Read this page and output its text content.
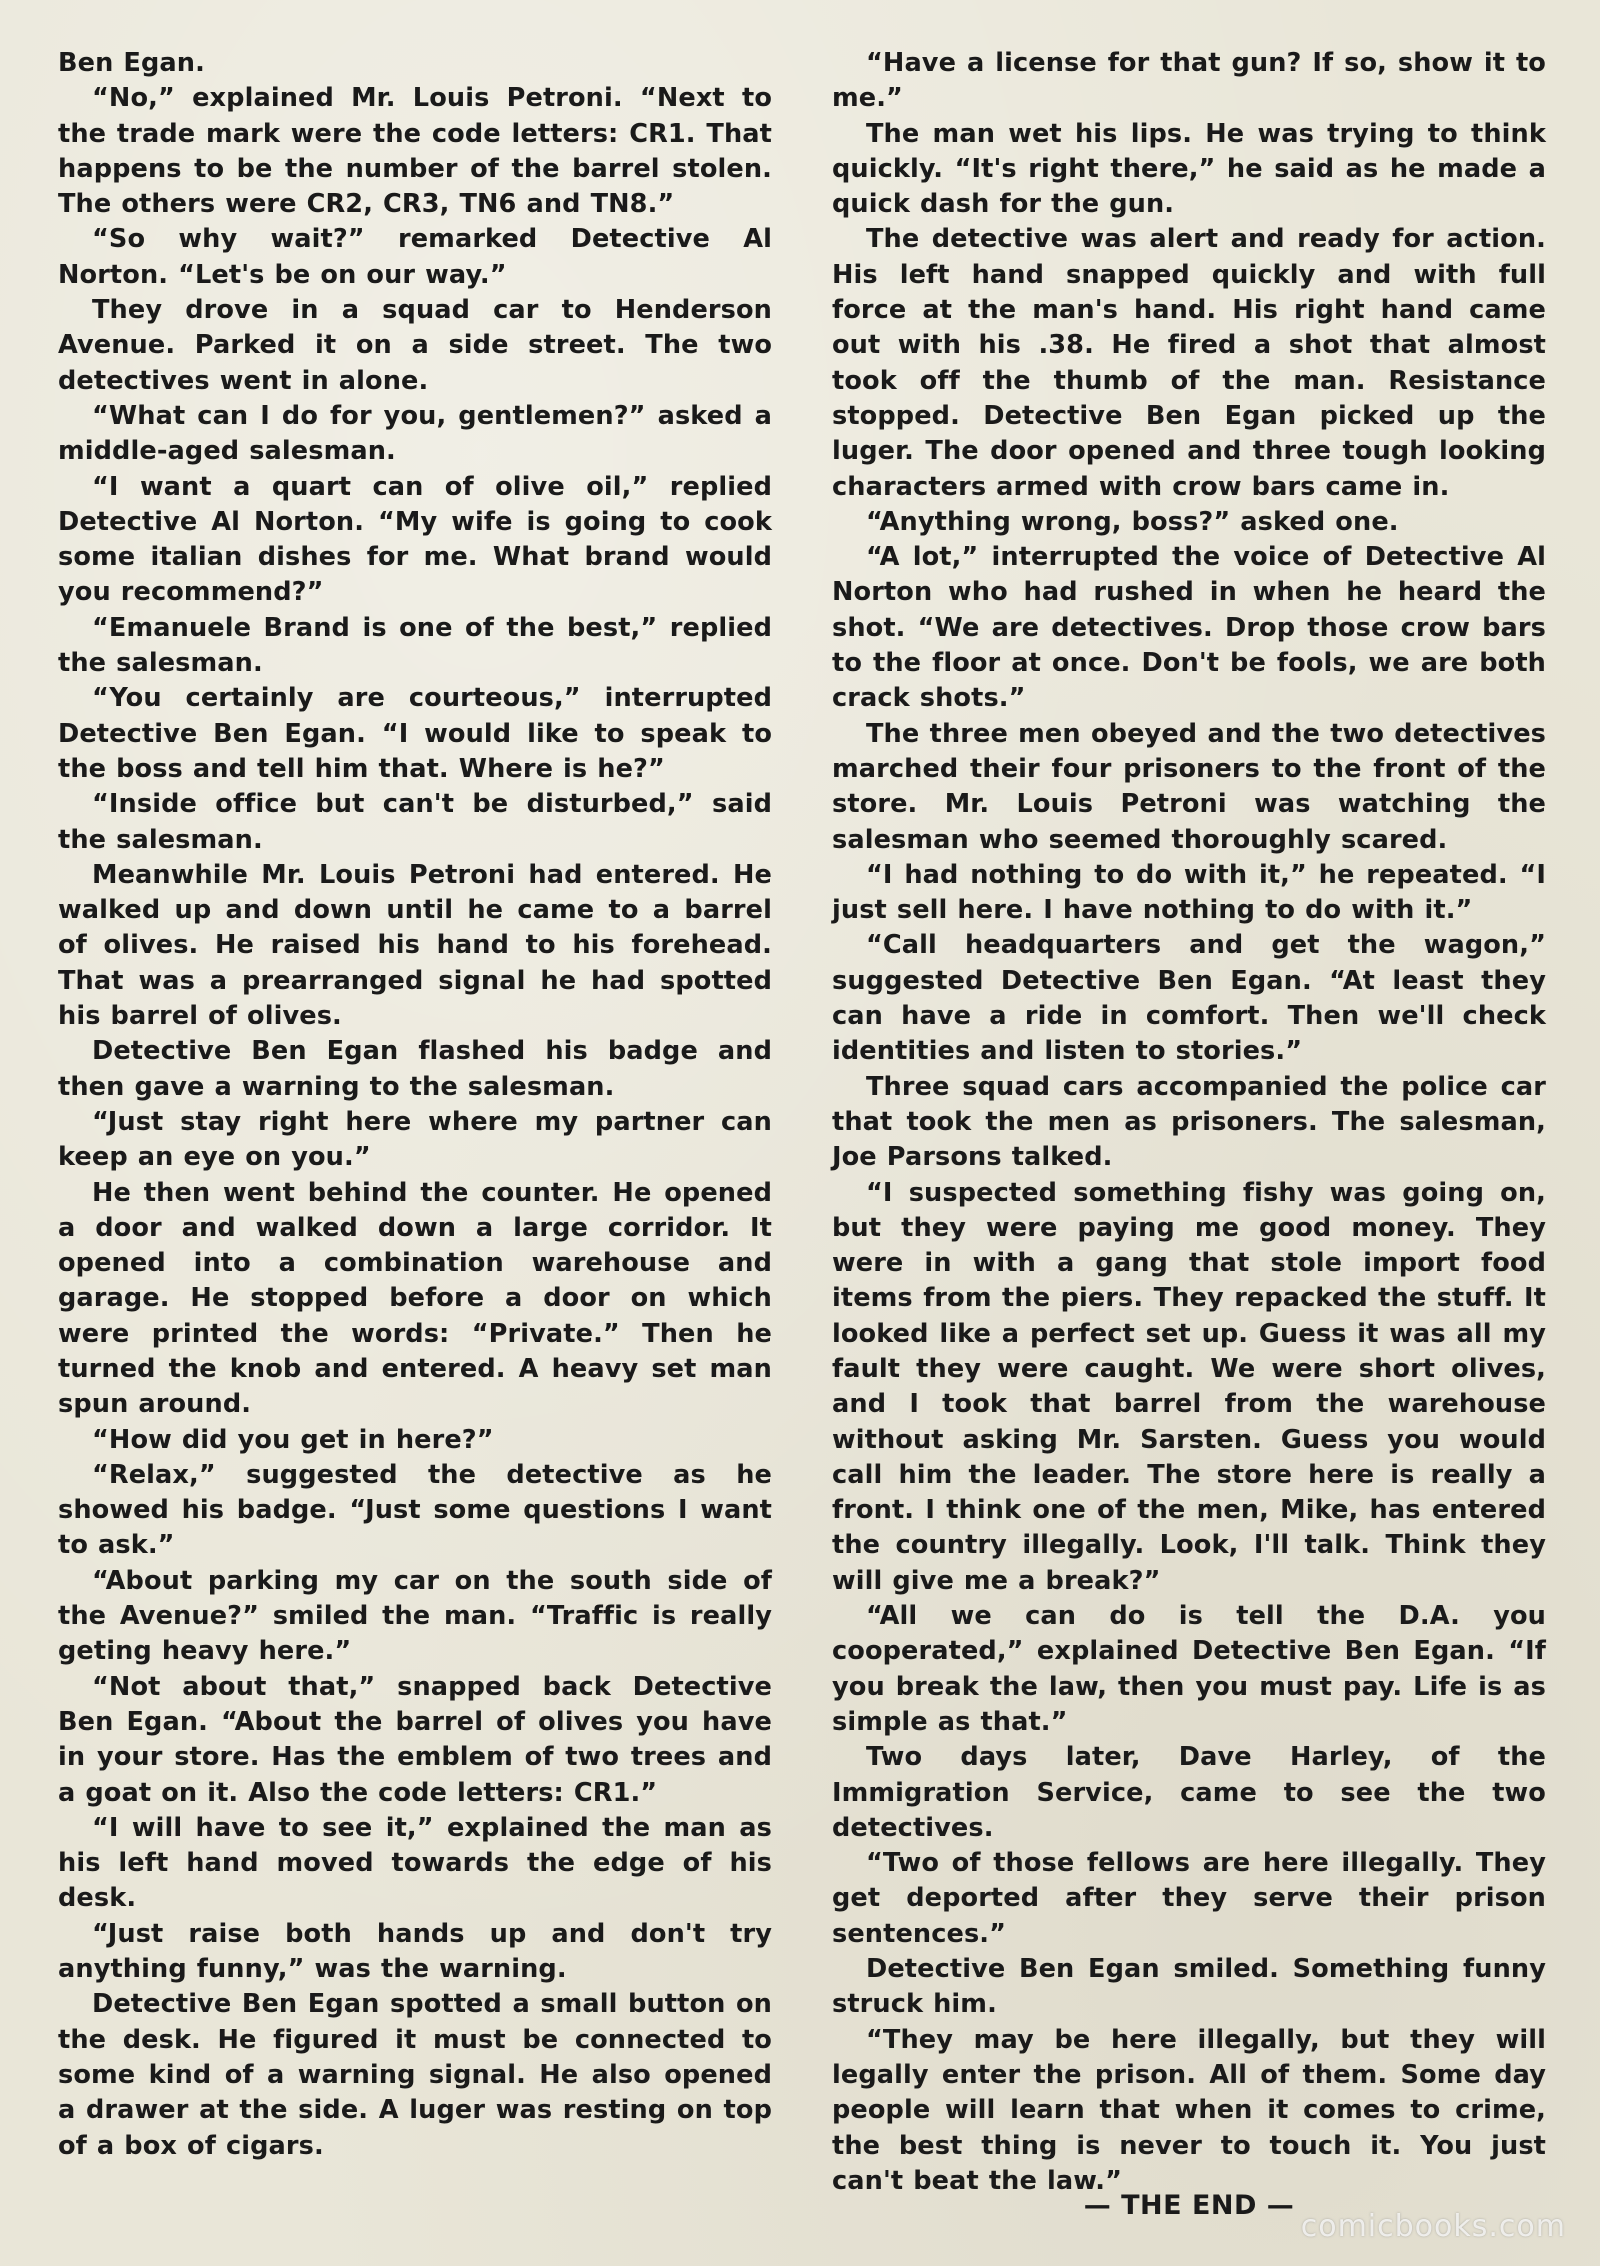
Ben Egan.

“No,” explained Mr. Louis Petroni. “Next to the trade mark were the code letters: CR1. That happens to be the number of the barrel stolen. The others were CR2, CR3, TN6 and TN8.”

“So why wait?” remarked Detective Al Norton. “Let's be on our way.”

They drove in a squad car to Henderson Avenue. Parked it on a side street. The two detectives went in alone.

“What can I do for you, gentlemen?” asked a middle-aged salesman.

“I want a quart can of olive oil,” replied Detective Al Norton. “My wife is going to cook some italian dishes for me. What brand would you recommend?”

“Emanuele Brand is one of the best,” replied the salesman.

“You certainly are courteous,” interrupted Detective Ben Egan. “I would like to speak to the boss and tell him that. Where is he?”

“Inside office but can't be disturbed,” said the salesman.

Meanwhile Mr. Louis Petroni had entered. He walked up and down until he came to a barrel of olives. He raised his hand to his forehead. That was a prearranged signal he had spotted his barrel of olives.

Detective Ben Egan flashed his badge and then gave a warning to the salesman.

“Just stay right here where my partner can keep an eye on you.”

He then went behind the counter. He opened a door and walked down a large corridor. It opened into a combination warehouse and garage. He stopped before a door on which were printed the words: “Private.” Then he turned the knob and entered. A heavy set man spun around.

“How did you get in here?”

“Relax,” suggested the detective as he showed his badge. “Just some questions I want to ask.”

“About parking my car on the south side of the Avenue?” smiled the man. “Traffic is really geting heavy here.”

“Not about that,” snapped back Detective Ben Egan. “About the barrel of olives you have in your store. Has the emblem of two trees and a goat on it. Also the code letters: CR1.”

“I will have to see it,” explained the man as his left hand moved towards the edge of his desk.

“Just raise both hands up and don't try anything funny,” was the warning.

Detective Ben Egan spotted a small button on the desk. He figured it must be connected to some kind of a warning signal. He also opened a drawer at the side. A luger was resting on top of a box of cigars.

“Have a license for that gun? If so, show it to me.”

The man wet his lips. He was trying to think quickly. “It's right there,” he said as he made a quick dash for the gun.

The detective was alert and ready for action. His left hand snapped quickly and with full force at the man's hand. His right hand came out with his .38. He fired a shot that almost took off the thumb of the man. Resistance stopped. Detective Ben Egan picked up the luger. The door opened and three tough looking characters armed with crow bars came in.

“Anything wrong, boss?” asked one.

“A lot,” interrupted the voice of Detective Al Norton who had rushed in when he heard the shot. “We are detectives. Drop those crow bars to the floor at once. Don't be fools, we are both crack shots.”

The three men obeyed and the two detectives marched their four prisoners to the front of the store. Mr. Louis Petroni was watching the salesman who seemed thoroughly scared.

“I had nothing to do with it,” he repeated. “I just sell here. I have nothing to do with it.”

“Call headquarters and get the wagon,” suggested Detective Ben Egan. “At least they can have a ride in comfort. Then we'll check identities and listen to stories.”

Three squad cars accompanied the police car that took the men as prisoners. The salesman, Joe Parsons talked.

“I suspected something fishy was going on, but they were paying me good money. They were in with a gang that stole import food items from the piers. They repacked the stuff. It looked like a perfect set up. Guess it was all my fault they were caught. We were short olives, and I took that barrel from the warehouse without asking Mr. Sarsten. Guess you would call him the leader. The store here is really a front. I think one of the men, Mike, has entered the country illegally. Look, I'll talk. Think they will give me a break?”

“All we can do is tell the D.A. you cooperated,” explained Detective Ben Egan. “If you break the law, then you must pay. Life is as simple as that.”

Two days later, Dave Harley, of the Immigration Service, came to see the two detectives.

“Two of those fellows are here illegally. They get deported after they serve their prison sentences.”

Detective Ben Egan smiled. Something funny struck him.

“They may be here illegally, but they will legally enter the prison. All of them. Some day people will learn that when it comes to crime, the best thing is never to touch it. You just can't beat the law.”

— THE END —
comicbooks.com
